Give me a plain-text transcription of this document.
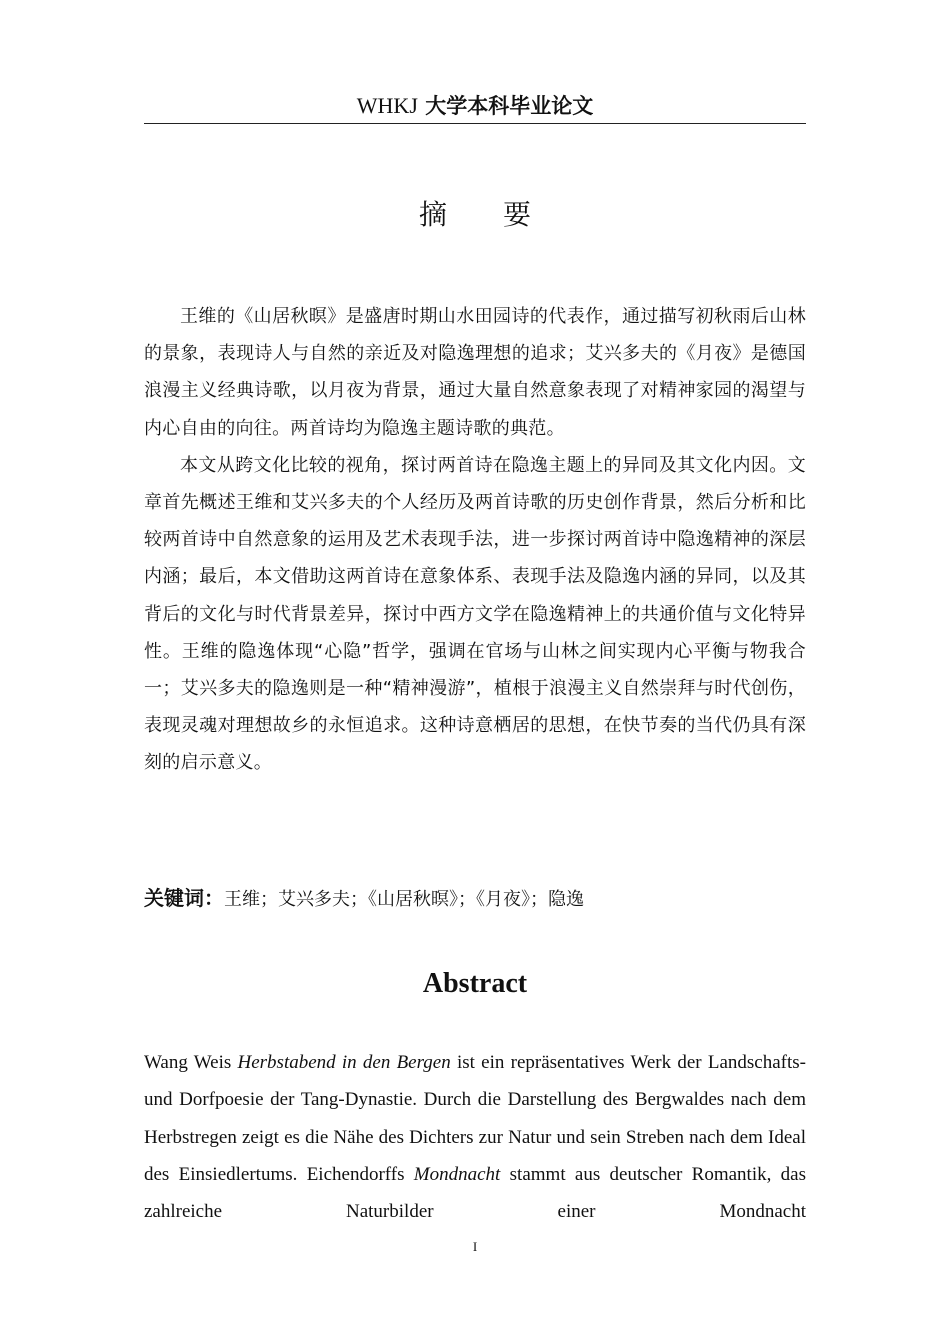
WHKJ 大学本科毕业论文
摘 要

王维的《山居秋暝》是盛唐时期山水田园诗的代表作，通过描写初秋雨后山林的景象，表现诗人与自然的亲近及对隐逸理想的追求；艾兴多夫的《月夜》是德国浪漫主义经典诗歌，以月夜为背景，通过大量自然意象表现了对精神家园的渴望与内心自由的向往。两首诗均为隐逸主题诗歌的典范。

本文从跨文化比较的视角，探讨两首诗在隐逸主题上的异同及其文化内因。文章首先概述王维和艾兴多夫的个人经历及两首诗歌的历史创作背景，然后分析和比较两首诗中自然意象的运用及艺术表现手法，进一步探讨两首诗中隐逸精神的深层内涵；最后，本文借助这两首诗在意象体系、表现手法及隐逸内涵的异同，以及其背后的文化与时代背景差异，探讨中西方文学在隐逸精神上的共通价值与文化特异性。王维的隐逸体现“心隐”哲学，强调在官场与山林之间实现内心平衡与物我合一；艾兴多夫的隐逸则是一种“精神漫游”，植根于浪漫主义自然崇拜与时代创伤，表现灵魂对理想故乡的永恒追求。这种诗意栖居的思想，在快节奏的当代仍具有深刻的启示意义。

关键词：王维；艾兴多夫；《山居秋暝》；《月夜》；隐逸
Abstract

Wang Weis Herbstabend in den Bergen ist ein repräsentatives Werk der Landschafts- und Dorfpoesie der Tang-Dynastie. Durch die Darstellung des Bergwaldes nach dem Herbstregen zeigt es die Nähe des Dichters zur Natur und sein Streben nach dem Ideal des Einsiedlertums. Eichendorffs Mondnacht stammt aus deutscher Romantik, das zahlreiche Naturbilder einer Mondnacht

I
